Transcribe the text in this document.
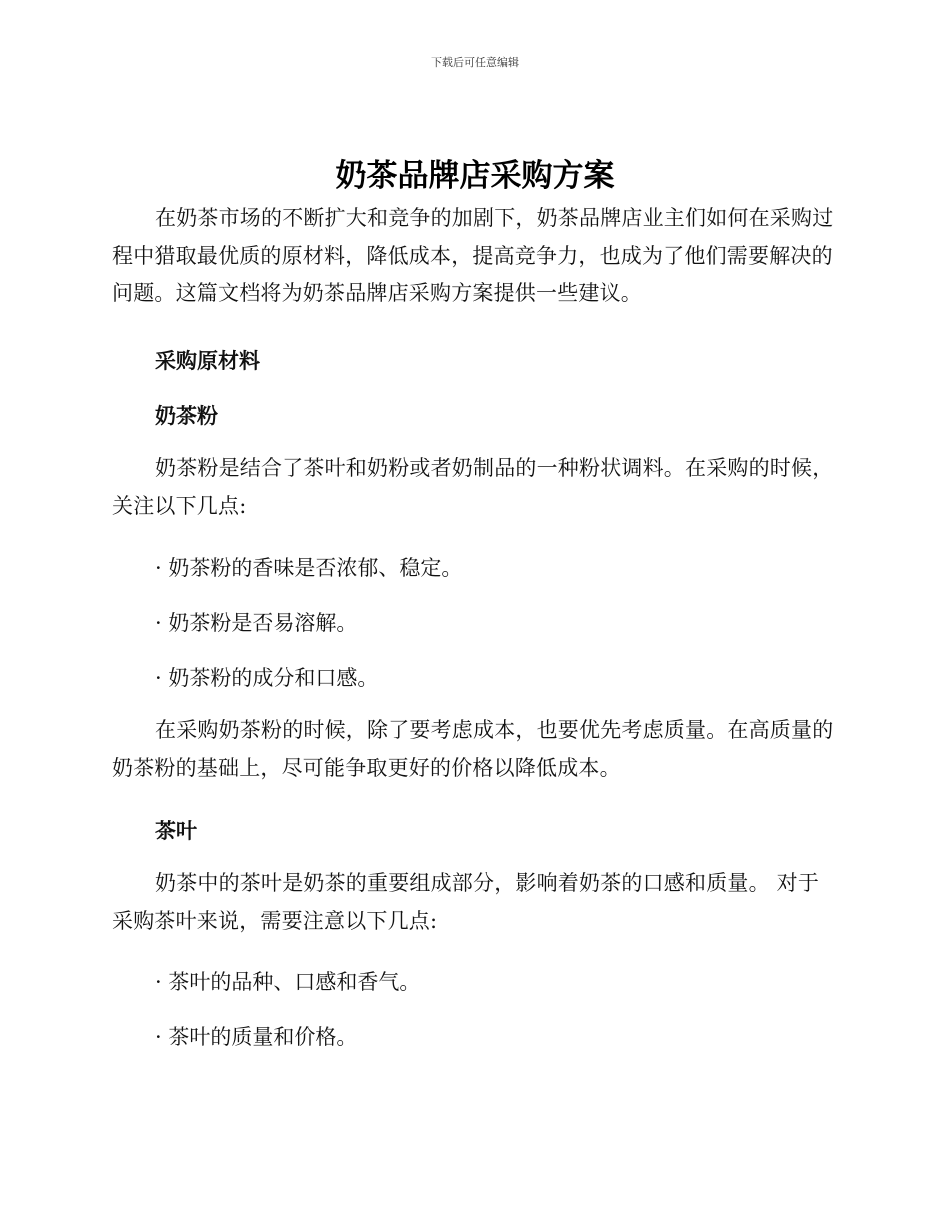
下载后可任意编辑
奶茶品牌店采购方案

在奶茶市场的不断扩大和竞争的加剧下，奶茶品牌店业主们如何在采购过程中猎取最优质的原材料，降低成本，提高竞争力，也成为了他们需要解决的问题。这篇文档将为奶茶品牌店采购方案提供一些建议。

采购原材料
奶茶粉

奶茶粉是结合了茶叶和奶粉或者奶制品的一种粉状调料。在采购的时候，关注以下几点:

· 奶茶粉的香味是否浓郁、稳定。
· 奶茶粉是否易溶解。
· 奶茶粉的成分和口感。

在采购奶茶粉的时候，除了要考虑成本，也要优先考虑质量。在高质量的奶茶粉的基础上，尽可能争取更好的价格以降低成本。

茶叶

奶茶中的茶叶是奶茶的重要组成部分，影响着奶茶的口感和质量。 对于采购茶叶来说，需要注意以下几点:

· 茶叶的品种、口感和香气。
· 茶叶的质量和价格。
